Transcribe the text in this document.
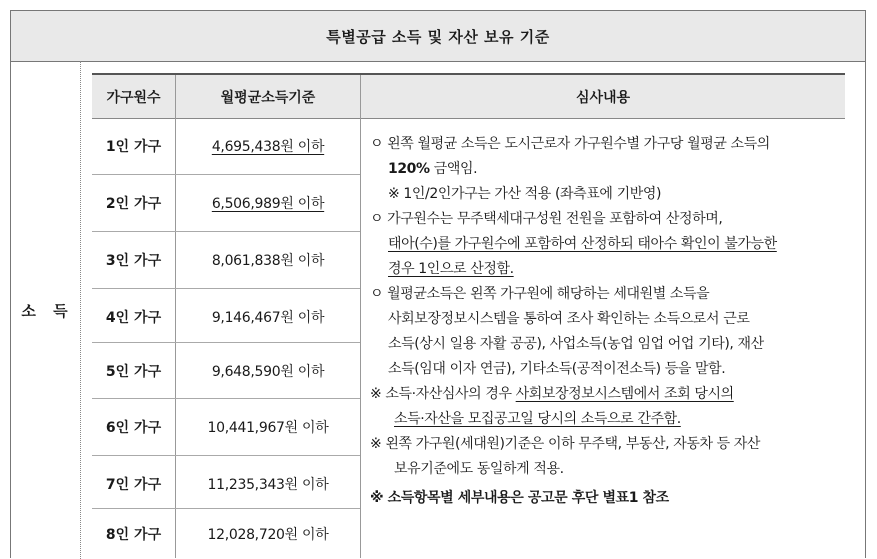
특별공급 소득 및 자산 보유 기준
소 득
가구원수	월평균소득기준	심사내용
1인 가구	4,695,438원 이하
2인 가구	6,506,989원 이하
3인 가구	8,061,838원 이하
4인 가구	9,146,467원 이하
5인 가구	9,648,590원 이하
6인 가구	10,441,967원 이하
7인 가구	11,235,343원 이하
8인 가구	12,028,720원 이하

ㅇ 왼쪽 월평균 소득은 도시근로자 가구원수별 가구당 월평균 소득의

120% 금액임.

※ 1인/2인가구는 가산 적용 (좌측표에 기반영)

ㅇ 가구원수는 무주택세대구성원 전원을 포함하여 산정하며,

태아(수)를 가구원수에 포함하여 산정하되 태아수 확인이 불가능한

경우 1인으로 산정함.

ㅇ 월평균소득은 왼쪽 가구원에 해당하는 세대원별 소득을

사회보장정보시스템을 통하여 조사 확인하는 소득으로서 근로

소득(상시 일용 자활 공공), 사업소득(농업 임업 어업 기타), 재산

소득(임대 이자 연금), 기타소득(공적이전소득) 등을 말함.

※ 소득·자산심사의 경우 사회보장정보시스템에서 조회 당시의

소득·자산을 모집공고일 당시의 소득으로 간주함.

※ 왼쪽 가구원(세대원)기준은 이하 무주택, 부동산, 자동차 등 자산

보유기준에도 동일하게 적용.

※ 소득항목별 세부내용은 공고문 후단 별표1 참조
